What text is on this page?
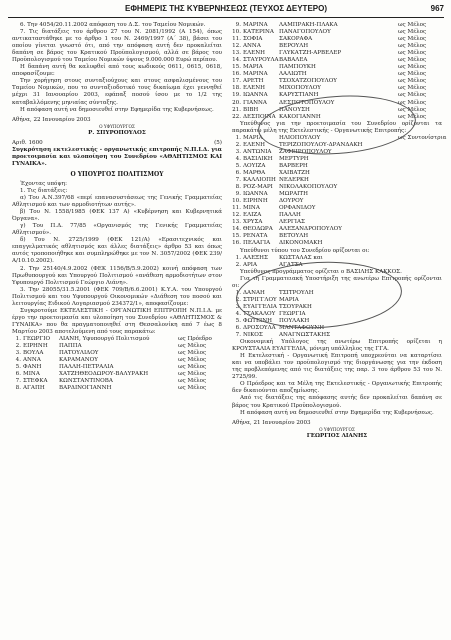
ΕΦΗΜΕΡΙΣ ΤΗΣ ΚΥΒΕΡΝΗΣΕΩΣ (ΤΕΥΧΟΣ ΔΕΥΤΕΡΟ)	967

6. Την 4054/20.11.2002 απόφαση του Δ.Σ. του Ταμείου Νομικών.

7. Τις διατάξεις του άρθρου 27 του Ν. 2081/1992 (Α 154), όπως αντικαταστάθηκε με το άρθρο 1 του Ν. 2469/1997 (Α΄ 38), βάσει του οποίου γίνεται γνωστό ότι, από την απόφαση αυτή δεν προκαλείται δαπάνη σε βάρος του Κρατικού Προϋπολογισμού, αλλά σε βάρος του Προϋπολογισμού του Ταμείου Νομικών ύψους 9.000.000 Ευρώ περίπου.

Η δαπάνη αυτή θα καλυφθεί από τους κωδικούς 0611, 0615, 0618, αποφασίζουμε:

Την χορήγηση στους συνταξιούχους και στους ασφαλισμένους του Ταμείου Νομικών, που το συνταξιοδοτικό τους δικαίωμα έχει γεννηθεί μέχρι 31 Ιανουαρίου 2003, εφάπαξ ποσού ίσου με το 1/2 της καταβαλλόμενης μηνιαίας σύνταξης.

Η απόφαση αυτή να δημοσιευθεί στην Εφημερίδα της Κυβερνήσεως.

Αθήνα, 22 Ιανουαρίου 2003

Ο ΥΦΥΠΟΥΡΓΟΣ
Ρ. ΣΠΥΡΟΠΟΥΛΟΣ
Αριθ. 1600	(5)

Συγκρότηση εκτελεστικής - οργανωτικής επιτροπής Ν.Π.Ι.Δ. για προετοιμασία και υλοποίηση του Συνεδρίου «ΑΘΛΗΤΙΣΜΟΣ ΚΑΙ ΓΥΝΑΙΚΑ».

Ο ΥΠΟΥΡΓΟΣ ΠΟΛΙΤΙΣΜΟΥ

Έχοντας υπόψη:

1. Τις διατάξεις:

α) Του Α.Ν.397/68 «περί επανασυστάσεως της Γενικής Γραμματείας Αθλητισμού και των αρμοδιοτήτων αυτής».

β) Του Ν. 1558/1985 (ΦΕΚ 137 Α) «Κυβέρνηση και Κυβερνητικά Όργανα».

γ) Του Π.Δ. 77/85 «Οργανισμός της Γενικής Γραμματείας Αθλητισμού».

δ) Του Ν. 2725/1999 (ΦΕΚ 121/Α) «Ερασιτεχνικός και επαγγελματικός αθλητισμός και άλλες διατάξεις» άρθρο 53 και όπως αυτός τροποποιήθηκε και συμπληρώθηκε με τον Ν. 3057/2002 (ΦΕΚ 239/Α/10.10.2002).

2. Την 25140/4.9.2002 (ΦΕΚ 1156/Β/5.9.2002) κοινή απόφαση των Πρωθυπουργού και Υπουργού Πολιτισμού «ανάθεση αρμοδιοτήτων στον Υφυπουργό Πολιτισμού Γεώργιο Λιάνη».

3. Την 28055/31.5.2001 (ΦΕΚ 709/Β/6.6.2001) Κ.Υ.Α. του Υπουργού Πολιτισμού και του Υφυπουργού Οικονομικών «Διάθεση του ποσού και λειτουργίας Ειδικού Λογαριασμού 234372/1», αποφασίζουμε:

Συγκροτούμε ΕΚΤΕΛΕΣΤΙΚΗ - ΟΡΓΑΝΩΤΙΚΗ ΕΠΙΤΡΟΠΗ Ν.Π.Ι.Δ. με έργο την προετοιμασία και υλοποίηση του Συνεδρίου «ΑΘΛΗΤΙΣΜΟΣ & ΓΥΝΑΙΚΑ» που θα πραγματοποιηθεί στη Θεσσαλονίκη από 7 έως 8 Μαρτίου 2003 αποτελούμενη από τους παρακάτω:

1. ΓΕΩΡΓΙΟ	ΛΙΑΝΗ, Υφυπουργό Πολιτισμού	ως Πρόεδρο
2. ΕΙΡΗΝΗ	ΠΑΠΠΑ	ως Μέλος
3. ΒΟΥΛΑ	ΠΑΤΟΥΛΙΔΟΥ	ως Μέλος
4. ΑΝΝΑ	ΚΑΡΑΜΑΝΟΥ	ως Μέλος
5. ΦΑΝΗ	ΠΑΛΛΗ-ΠΕΤΡΑΛΙΑ	ως Μέλος
6. ΜΙΝΑ	ΧΑΤΖΗΘΕΟΔΩΡΟΥ-ΒΑΛΥΡΑΚΗ	ως Μέλος
7. ΣΤΕΦΚΑ	ΚΩΝΣΤΑΝΤΙΝΟΒΑ	ως Μέλος
8. ΑΓΑΠΗ	ΒΑΡΔΙΝΟΓΙΑΝΝΗ	ως Μέλος
9. ΜΑΡΙΝΑ	ΛΑΜΠΡΑΚΗ-ΠΛΑΚΑ	ως Μέλος
10. ΚΑΤΕΡΙΝΑ ΠΑΝΑΓΟΠΟΥΛΟΥ	ως Μέλος
11. ΣΟΦΙΑ	ΣΑΚΟΡΑΦΑ	ως Μέλος
12. ΑΝΝΑ	ΒΕΡΟΥΛΗ	ως Μέλος
13. ΕΛΕΝΗ	ΓΛΥΚΑΤΖΗ-ΑΡΒΕΛΕΡ	ως Μέλος
14. ΣΤΑΥΡΟΥΛΑ ΒΑΒΑΛΕΑ	ως Μέλος
15. ΜΑΡΙΑ	ΠΑΜΠΟΥΚΗ	ως Μέλος
16. ΜΑΡΙΝΑ	ΛΑΛΙΩΤΗ	ως Μέλος
17. ΑΡΕΤΗ	ΤΣΟΧΑΤΖΟΠΟΥΛΟΥ	ως Μέλος
18. ΕΛΕΝΗ	ΜΙΧΟΠΟΥΛΟΥ	ως Μέλος
19. ΙΩΑΝΝΑ	ΚΑΡΥΣΤΙΑΝΗ	ως Μέλος
20. ΓΙΑΝΝΑ	ΔΕΣΠΟΤΟΠΟΥΛΟΥ	ως Μέλος
21. ΒΙΒΗ	ΠΑΝΟΥΣΗ	ως Μέλος
22. ΔΕΣΠΟΙΝΑ ΚΑΚΟΓΙΑΝΝΗ	ως Μέλος

Υπεύθυνος για την προετοιμασία του Συνεδρίου ορίζονται τα παρακάτω μέλη της Εκτελεστικής - Οργανωτικής Επιτροπής:

1. ΜΑΡΙΑ	ΗΛΙΟΠΟΥΛΟΥ	ως Συντονίστρια
2. ΕΛΕΝΗ	ΤΕΡΙΖΟΠΟΥΛΟΥ-ΔΡΑΝΔΑΚΗ
3. ΑΝΤΩΝΙΑ	ΖΑΦΕΙΡΟΠΟΥΛΟΥ
4. ΒΑΣΙΛΙΚΗ	ΜΕΡΤΥΡΗ
5. ΛΟΥΙΖΑ	ΒΑΡΒΕΡΗ
6. ΜΑΡΘΑ	ΧΑΙΒΑΤΖΗ
7. ΚΑΛΛΙΟΠΗ ΝΕΔΕΡΚΗ
8. ΡΟΖ-ΜΑΡΙ	ΝΙΚΟΛΑΚΟΠΟΥΛΟΥ
9. ΙΩΑΝΝΑ	ΜΩΡΑΙΤΗ
10. ΕΙΡΗΝΗ	ΔΟΥΡΟΥ
11. ΜΙΝΑ	ΟΡΦΑΝΙΔΟΥ
12. ΕΛΙΖΑ	ΠΑΛΛΗ
13. ΧΡΥΣΑ	ΛΕΡΓΙΑΣ
14. ΘΕΟΔΩΡΑ	ΑΛΕΞΑΝΔΡΟΠΟΥΛΟΥ
15. ΡΕΝΑΤΑ	ΒΕΤΟΥΛΗ
16. ΠΕΛΑΓΙΑ	ΔΙΚΟΝΟΜΑΚΗ

Υπεύθυνοι τύπου του Συνεδρίου ορίζονται οι:

1. ΑΛΕΞΗΣ	ΚΩΣΤΑΛΑΣ και
2. ΑΡΙΑ	ΑΓΑΤΣΑ

Υπεύθυνος προγράμματος ορίζεται ο ΒΑΣΙΛΗΣ ΚΑΚΚΟΣ.

Για τη Γραμματειακή Υποστήριξη της ανωτέρω Επιτροπής ορίζονται οι:

1. ΔΑΝΑΗ	ΤΣΙΤΡΟΥΛΗ
2. ΣΤΡΙΓΓΛΟΥ ΜΑΡΙΑ
3. ΕΥΑΓΓΕΛΙΑ ΤΣΟΥΡΑΚΗ
4. ΤΣΑΚΑΛΟΥ ΓΕΩΡΓΙΑ
5. ΦΩΤΕΙΝΗ	ΠΟΥΛΑΚΗ
6. ΔΡΟΣΟΥΛΑ ΜΑΝΤΑΦΟΥΝΗ
7. ΝΙΚΟΣ	ΑΝΑΓΝΩΣΤΑΚΗΣ

Οικονομική Υπόλογος της ανωτέρω Επιτροπής ορίζεται η ΚΡΟΥΣΤΑΛΙΑ ΕΥΑΓΓΕΛΙΑ, μόνιμη υπάλληλος της ΓΓΑ.

Η Εκτελεστική - Οργανωτική Επιτροπή υποχρεούται να καταρτίσει και να υποβάλει τον προϋπολογισμό της διοργάνωσης για την έκδοση της προβλεπόμενης από τις διατάξεις της παρ. 3 του άρθρου 53 του Ν. 2725/99.

Ο Πρόεδρος και τα Μέλη της Εκτελεστικής - Οργανωτικής Επιτροπής δεν δικαιούνται αποζημίωσης.

Από τις διατάξεις της απόφασης αυτής δεν προκαλείται δαπάνη σε βάρος του Κρατικού Προϋπολογισμού.

Η απόφαση αυτή να δημοσιευθεί στην Εφημερίδα της Κυβερνήσεως.

Αθήνα, 21 Ιανουαρίου 2003

Ο ΥΦΥΠΟΥΡΓΟΣ
ΓΕΩΡΓΙΟΣ ΛΙΑΝΗΣ
